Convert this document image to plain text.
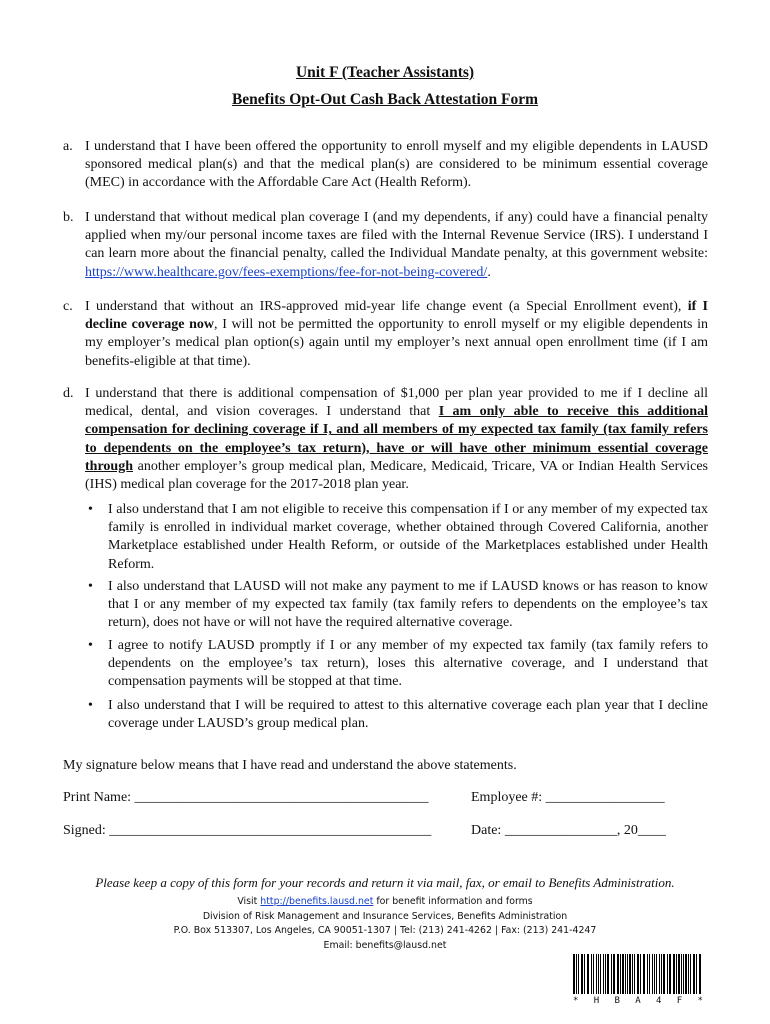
Unit F (Teacher Assistants)
Benefits Opt-Out Cash Back Attestation Form
a. I understand that I have been offered the opportunity to enroll myself and my eligible dependents in LAUSD sponsored medical plan(s) and that the medical plan(s) are considered to be minimum essential coverage (MEC) in accordance with the Affordable Care Act (Health Reform).
b. I understand that without medical plan coverage I (and my dependents, if any) could have a financial penalty applied when my/our personal income taxes are filed with the Internal Revenue Service (IRS). I understand I can learn more about the financial penalty, called the Individual Mandate penalty, at this government website: https://www.healthcare.gov/fees-exemptions/fee-for-not-being-covered/.
c. I understand that without an IRS-approved mid-year life change event (a Special Enrollment event), if I decline coverage now, I will not be permitted the opportunity to enroll myself or my eligible dependents in my employer’s medical plan option(s) again until my employer’s next annual open enrollment time (if I am benefits-eligible at that time).
d. I understand that there is additional compensation of $1,000 per plan year provided to me if I decline all medical, dental, and vision coverages. I understand that I am only able to receive this additional compensation for declining coverage if I, and all members of my expected tax family (tax family refers to dependents on the employee’s tax return), have or will have other minimum essential coverage through another employer’s group medical plan, Medicare, Medicaid, Tricare, VA or Indian Health Services (IHS) medical plan coverage for the 2017-2018 plan year.
• I also understand that I am not eligible to receive this compensation if I or any member of my expected tax family is enrolled in individual market coverage, whether obtained through Covered California, another Marketplace established under Health Reform, or outside of the Marketplaces established under Health Reform.
• I also understand that LAUSD will not make any payment to me if LAUSD knows or has reason to know that I or any member of my expected tax family (tax family refers to dependents on the employee’s tax return), does not have or will not have the required alternative coverage.
• I agree to notify LAUSD promptly if I or any member of my expected tax family (tax family refers to dependents on the employee’s tax return), loses this alternative coverage, and I understand that compensation payments will be stopped at that time.
• I also understand that I will be required to attest to this alternative coverage each plan year that I decline coverage under LAUSD’s group medical plan.
My signature below means that I have read and understand the above statements.
Print Name: __________________________________________	Employee #: _________________
Signed: ______________________________________________	Date: ________________, 20____
Please keep a copy of this form for your records and return it via mail, fax, or email to Benefits Administration.
Visit http://benefits.lausd.net for benefit information and forms
Division of Risk Management and Insurance Services, Benefits Administration
P.O. Box 513307, Los Angeles, CA 90051-1307 | Tel: (213) 241-4262 | Fax: (213) 241-4247
Email: benefits@lausd.net
* H B A 4 F *
